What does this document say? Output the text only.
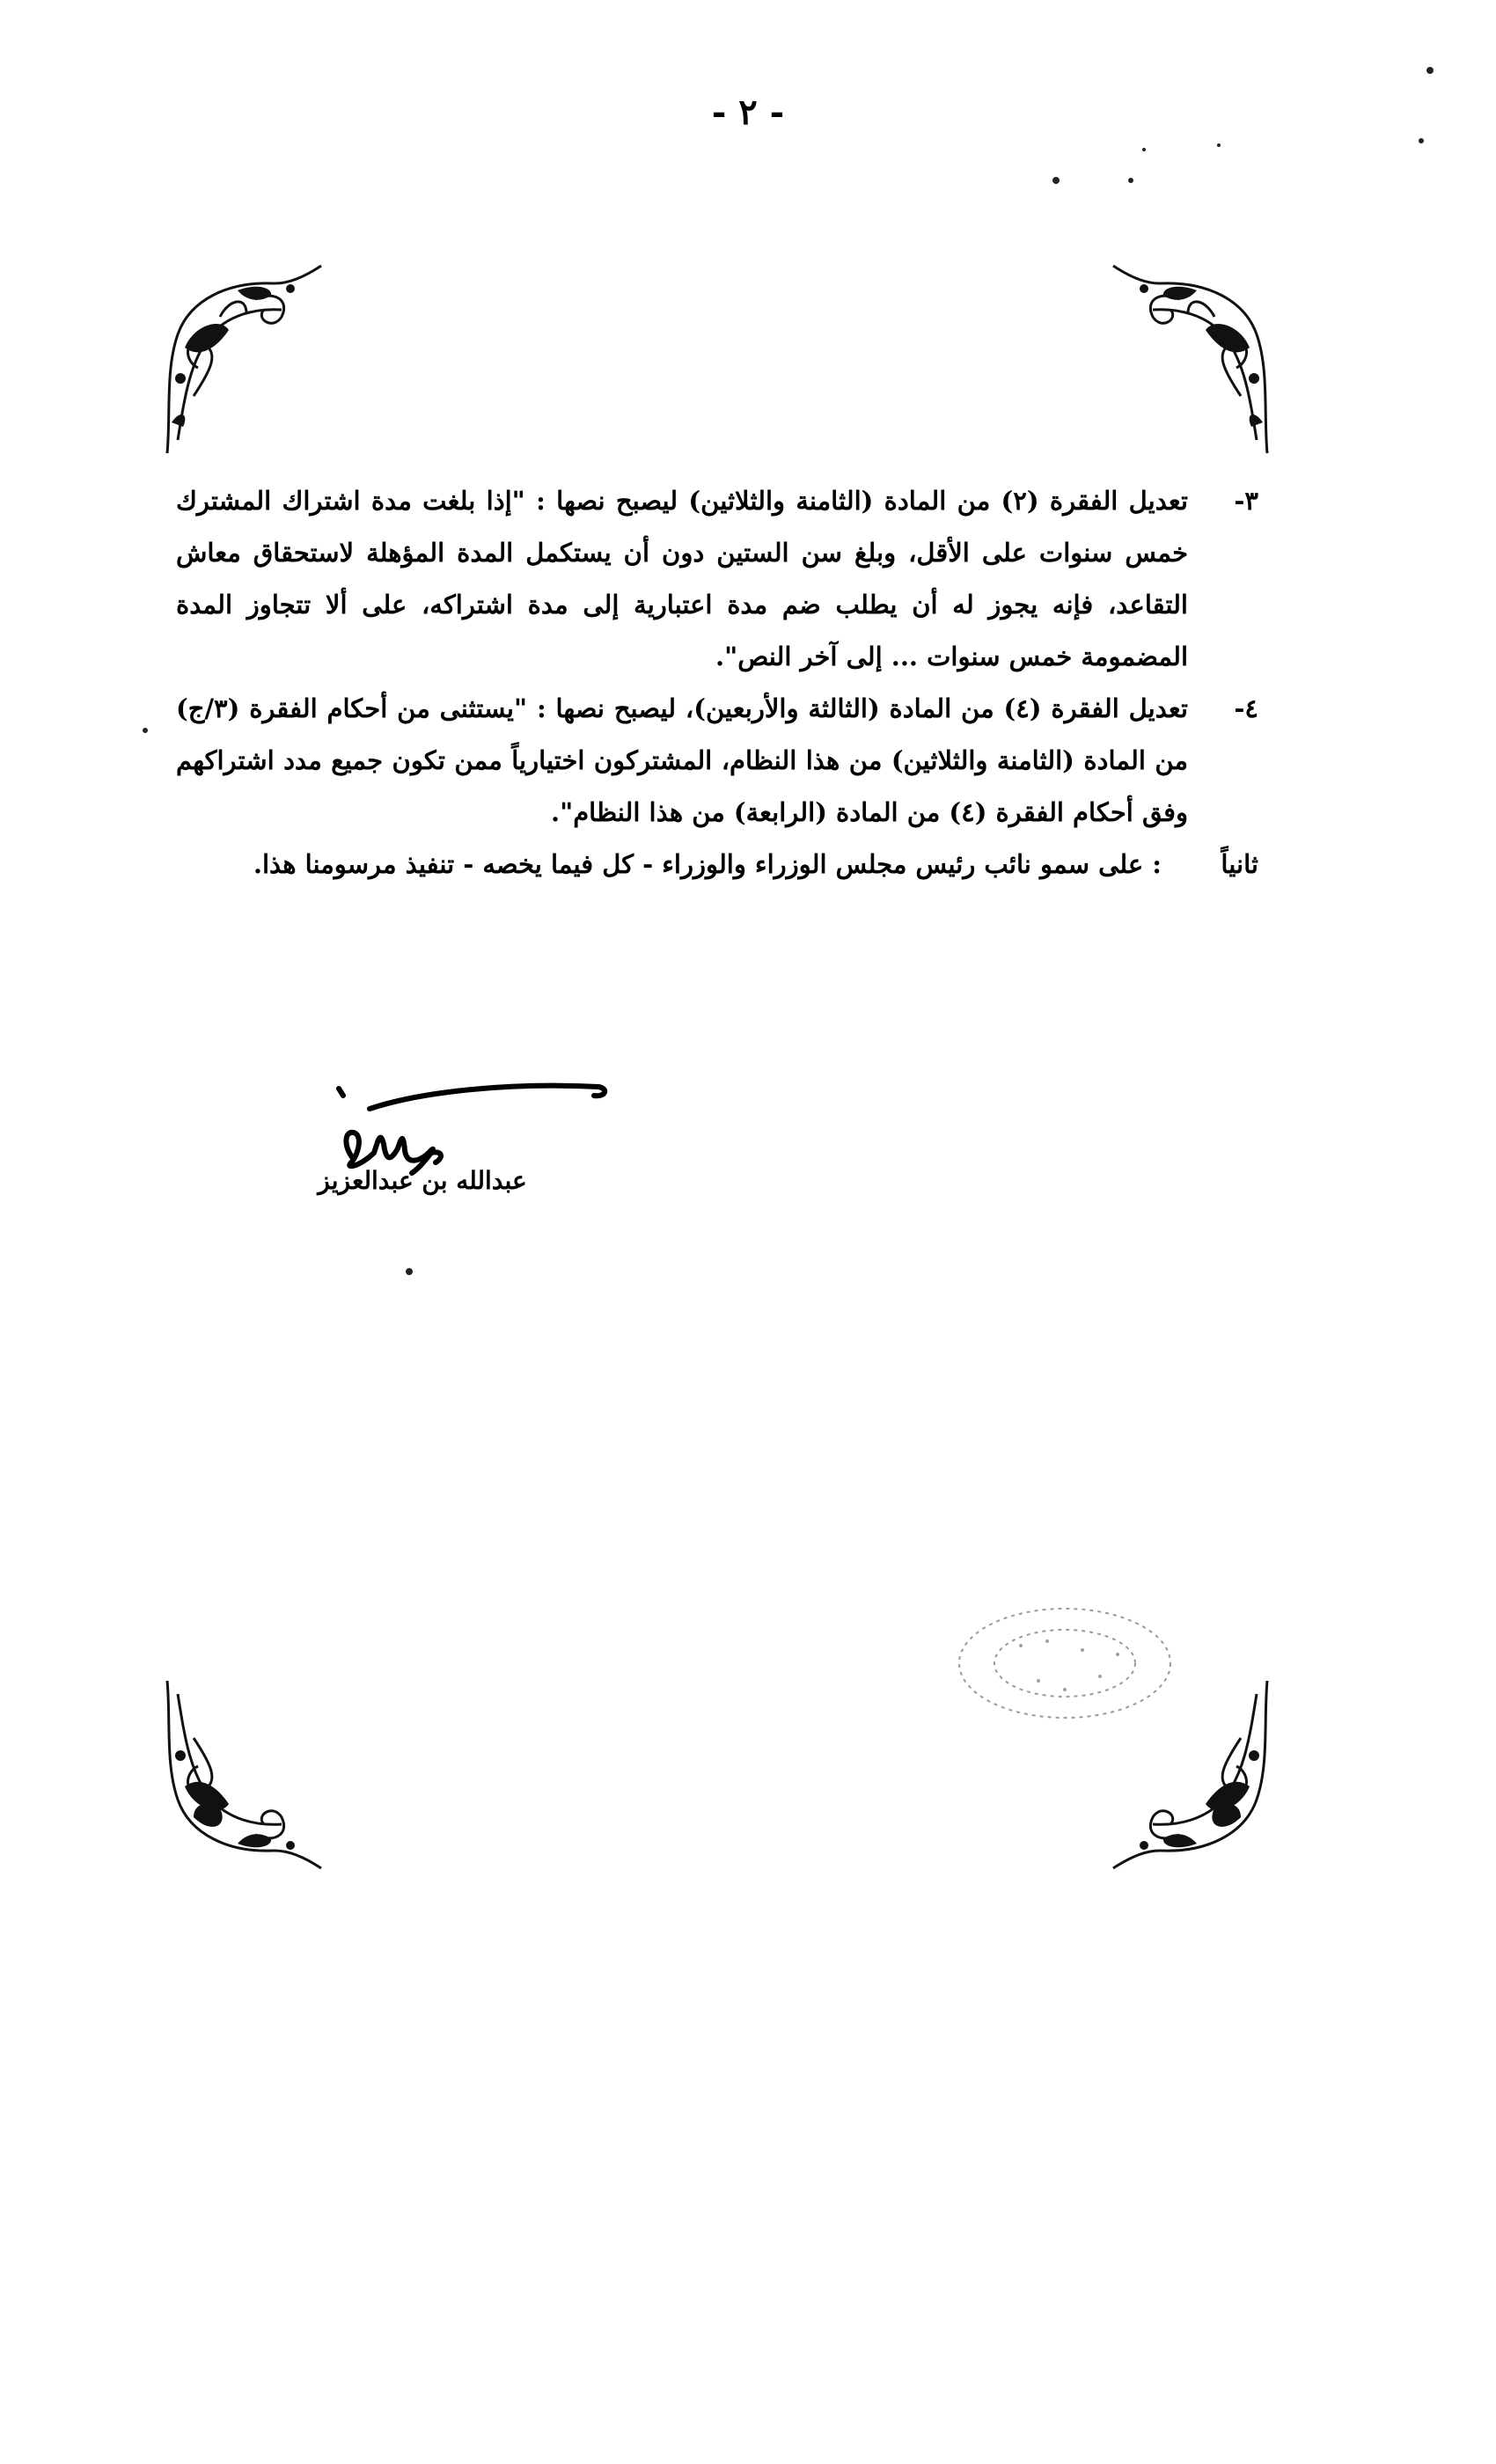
- ٢ -
٣-
تعديل الفقرة (٢) من المادة (الثامنة والثلاثين) ليصبح نصها : "إذا بلغت مدة اشتراك المشترك خمس سنوات على الأقل، وبلغ سن الستين دون أن يستكمل المدة المؤهلة لاستحقاق معاش التقاعد، فإنه يجوز له أن يطلب ضم مدة اعتبارية إلى مدة اشتراكه، على ألا تتجاوز المدة المضمومة خمس سنوات ... إلى آخر النص".
٤-
تعديل الفقرة (٤) من المادة (الثالثة والأربعين)، ليصبح نصها : "يستثنى من أحكام الفقرة (٣/ج) من المادة (الثامنة والثلاثين) من هذا النظام، المشتركون اختيارياً ممن تكون جميع مدد اشتراكهم وفق أحكام الفقرة (٤) من المادة (الرابعة) من هذا النظام".
ثانياً
: على سمو نائب رئيس مجلس الوزراء والوزراء - كل فيما يخصه - تنفيذ مرسومنا هذا.
عبدالله بن عبدالعزيز
